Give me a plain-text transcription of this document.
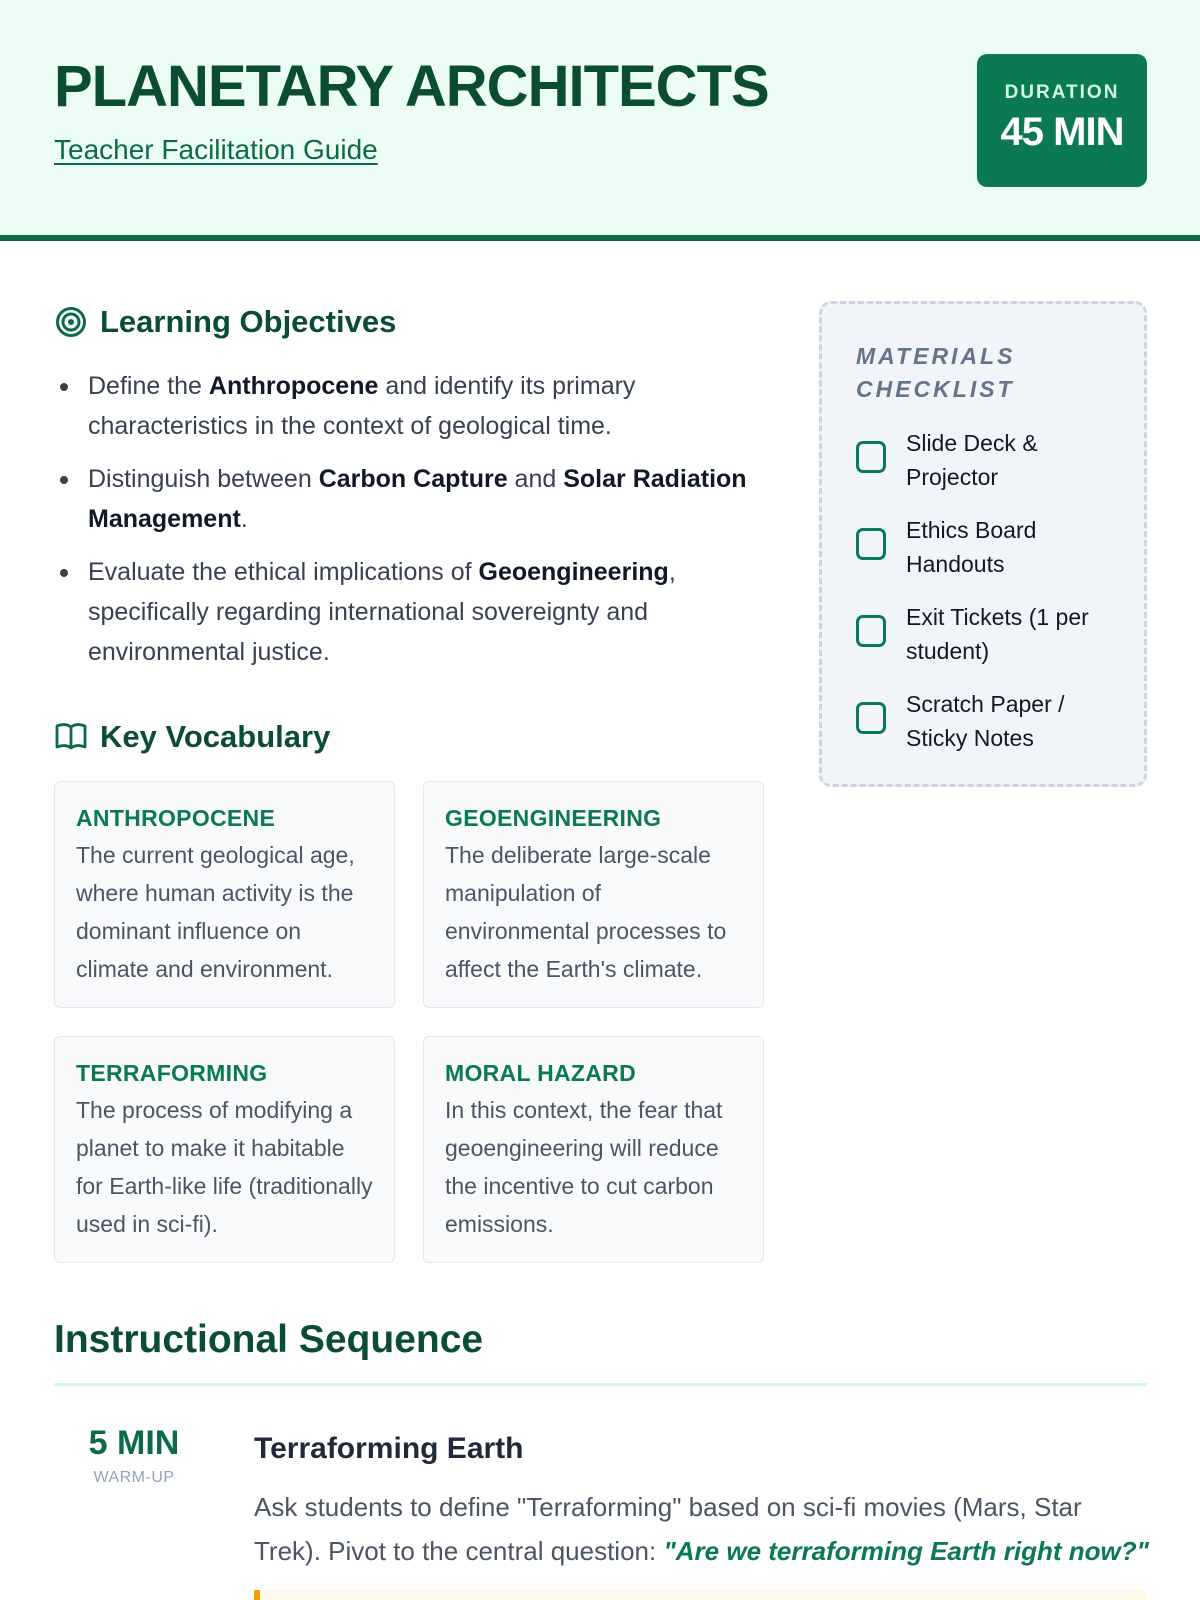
PLANETARY ARCHITECTS
Teacher Facilitation Guide
DURATION
45 MIN
Learning Objectives
Define the Anthropocene and identify its primary characteristics in the context of geological time.
Distinguish between Carbon Capture and Solar Radiation Management.
Evaluate the ethical implications of Geoengineering, specifically regarding international sovereignty and environmental justice.
Key Vocabulary
ANTHROPOCENE
The current geological age, where human activity is the dominant influence on climate and environment.
GEOENGINEERING
The deliberate large-scale manipulation of environmental processes to affect the Earth's climate.
TERRAFORMING
The process of modifying a planet to make it habitable for Earth-like life (traditionally used in sci-fi).
MORAL HAZARD
In this context, the fear that geoengineering will reduce the incentive to cut carbon emissions.
MATERIALS CHECKLIST
Slide Deck & Projector
Ethics Board Handouts
Exit Tickets (1 per student)
Scratch Paper / Sticky Notes
Instructional Sequence
5 MIN
WARM-UP
Terraforming Earth
Ask students to define "Terraforming" based on sci-fi movies (Mars, Star Trek). Pivot to the central question: "Are we terraforming Earth right now?"
